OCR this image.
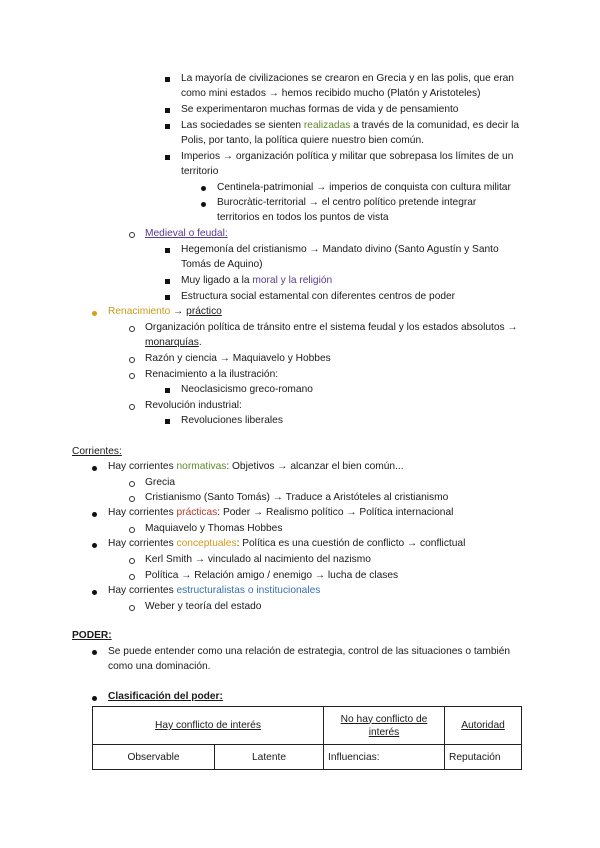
La mayoría de civilizaciones se crearon en Grecia y en las polis, que eran
como mini estados → hemos recibido mucho (Platón y Aristoteles)
Se experimentaron muchas formas de vida y de pensamiento
Las sociedades se sienten realizadas a través de la comunidad, es decir la
Polis, por tanto, la política quiere nuestro bien común.
Imperios → organización política y militar que sobrepasa los límites de un
territorio
Centinela-patrimonial → imperios de conquista con cultura militar
Burocràtic-territorial → el centro político pretende integrar
territorios en todos los puntos de vista
Medieval o feudal:
Hegemonía del cristianismo → Mandato divino (Santo Agustín y Santo
Tomás de Aquino)
Muy ligado a la moral y la religión
Estructura social estamental con diferentes centros de poder
Renacimiento → práctico
Organización política de tránsito entre el sistema feudal y los estados absolutos →
monarquías.
Razón y ciencia → Maquiavelo y Hobbes
Renacimiento a la ilustración:
Neoclasicismo greco-romano
Revolución industrial:
Revoluciones liberales
Corrientes:
Hay corrientes normativas: Objetivos → alcanzar el bien común...
Grecia
Cristianismo (Santo Tomás) → Traduce a Aristóteles al cristianismo
Hay corrientes prácticas: Poder → Realismo político → Política internacional
Maquiavelo y Thomas Hobbes
Hay corrientes conceptuales: Política es una cuestión de conflicto → conflictual
Kerl Smith → vinculado al nacimiento del nazismo
Política → Relación amigo / enemigo → lucha de clases
Hay corrientes estructuralistas o institucionales
Weber y teoría del estado
PODER:
Se puede entender como una relación de estrategia, control de las situaciones o también
como una dominación.
Clasificación del poder:
Hay conflicto de interés		No hay conflicto de
interés	Autoridad
Observable	Latente	Influencias:	Reputación
